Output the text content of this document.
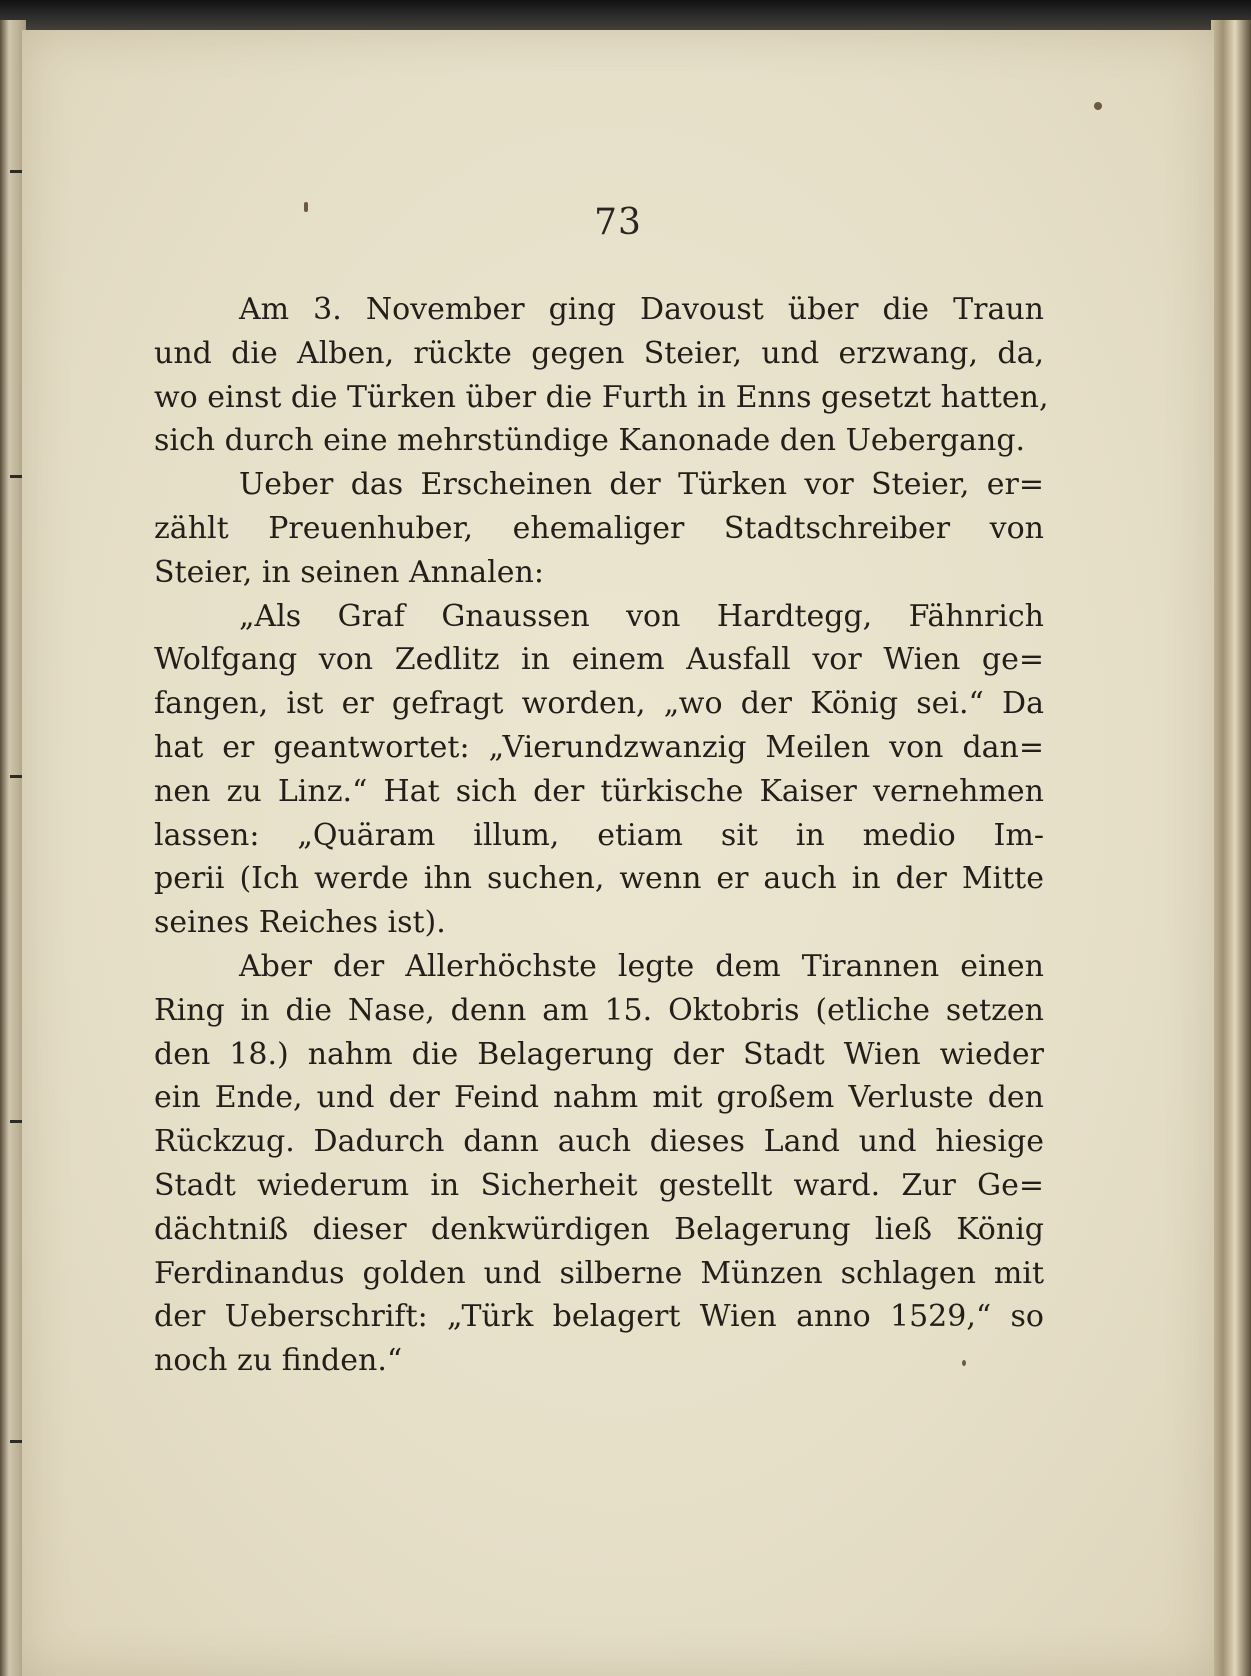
73
Am 3. November ging Davoust über die Traun
und die Alben, rückte gegen Steier, und erzwang, da,
wo einst die Türken über die Furth in Enns gesetzt hatten,
sich durch eine mehrstündige Kanonade den Uebergang.
Ueber das Erscheinen der Türken vor Steier, er=
zählt Preuenhuber, ehemaliger Stadtschreiber von
Steier, in seinen Annalen:
„Als Graf Gnaussen von Hardtegg, Fähnrich
Wolfgang von Zedlitz in einem Ausfall vor Wien ge=
fangen, ist er gefragt worden, „wo der König sei.“ Da
hat er geantwortet: „Vierundzwanzig Meilen von dan=
nen zu Linz.“ Hat sich der türkische Kaiser vernehmen
lassen: „Quäram illum, etiam sit in medio Im-
perii (Ich werde ihn suchen, wenn er auch in der Mitte
seines Reiches ist).
Aber der Allerhöchste legte dem Tirannen einen
Ring in die Nase, denn am 15. Oktobris (etliche setzen
den 18.) nahm die Belagerung der Stadt Wien wieder
ein Ende, und der Feind nahm mit großem Verluste den
Rückzug. Dadurch dann auch dieses Land und hiesige
Stadt wiederum in Sicherheit gestellt ward. Zur Ge=
dächtniß dieser denkwürdigen Belagerung ließ König
Ferdinandus golden und silberne Münzen schlagen mit
der Ueberschrift: „Türk belagert Wien anno 1529,“ so
noch zu finden.“
